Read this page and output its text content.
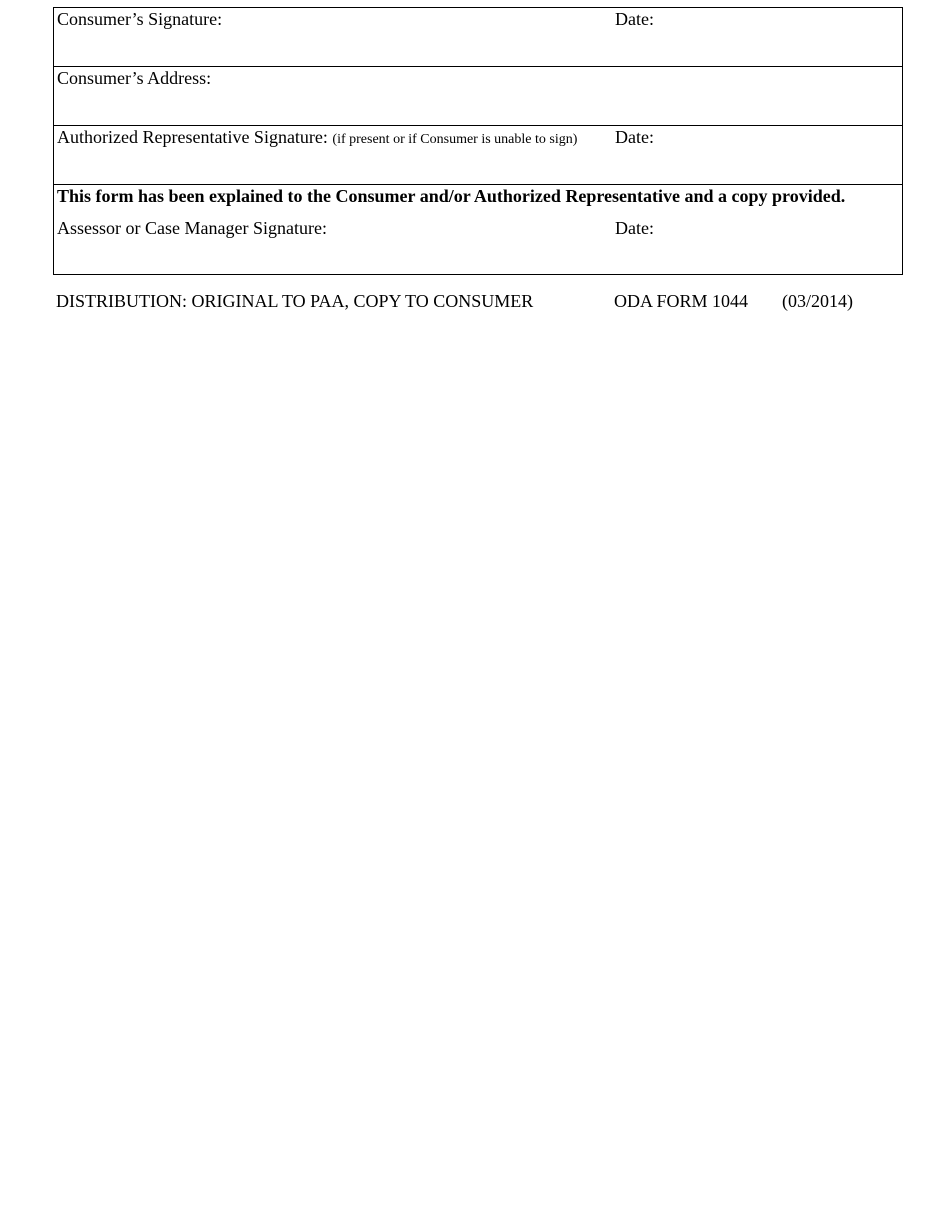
Consumer’s Signature:	Date:
Consumer’s Address:
Authorized Representative Signature: (if present or if Consumer is unable to sign) Date:
This form has been explained to the Consumer and/or Authorized Representative and a copy provided.
Assessor or Case Manager Signature:	Date:
DISTRIBUTION: ORIGINAL TO PAA, COPY TO CONSUMER	ODA FORM 1044 (03/2014)
